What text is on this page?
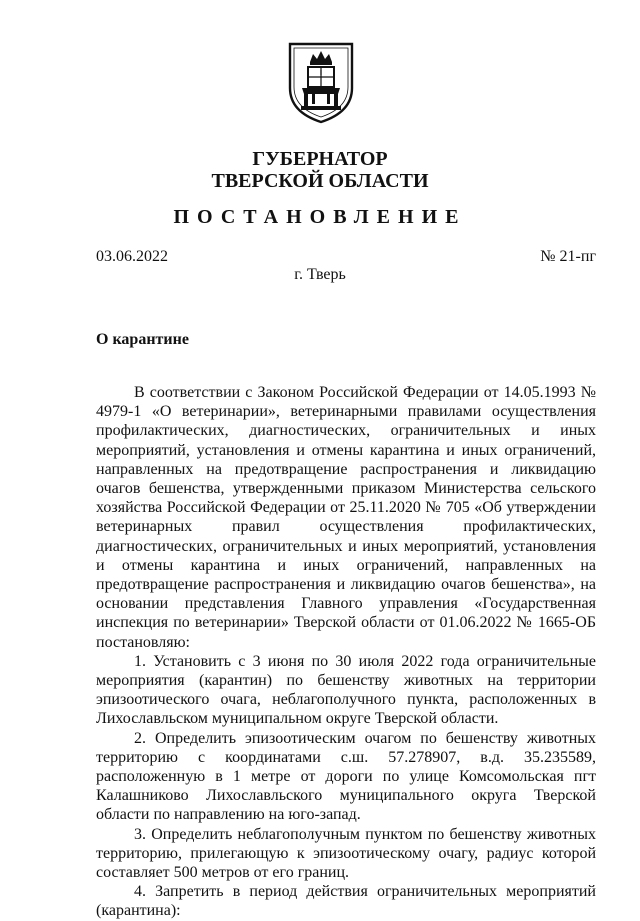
ГУБЕРНАТОР
ТВЕРСКОЙ ОБЛАСТИ
ПОСТАНОВЛЕНИЕ
03.06.2022	№ 21-пг
г. Тверь
О карантине

В соответствии с Законом Российской Федерации от 14.05.1993 № 4979-1 «О ветеринарии», ветеринарными правилами осуществления профилактических, диагностических, ограничительных и иных мероприятий, установления и отмены карантина и иных ограничений, направленных на предотвращение распространения и ликвидацию очагов бешенства, утвержденными приказом Министерства сельского хозяйства Российской Федерации от 25.11.2020 № 705 «Об утверждении ветеринарных правил осуществления профилактических, диагностических, ограничительных и иных мероприятий, установления и отмены карантина и иных ограничений, направленных на предотвращение распространения и ликвидацию очагов бешенства», на основании представления Главного управления «Государственная инспекция по ветеринарии» Тверской области от 01.06.2022 № 1665-ОБ постановляю:

1. Установить с 3 июня по 30 июля 2022 года ограничительные мероприятия (карантин) по бешенству животных на территории эпизоотического очага, неблагополучного пункта, расположенных в Лихославльском муниципальном округе Тверской области.

2. Определить эпизоотическим очагом по бешенству животных территорию с координатами с.ш. 57.278907, в.д. 35.235589, расположенную в 1 метре от дороги по улице Комсомольская пгт Калашниково Лихославльского муниципального округа Тверской области по направлению на юго-запад.

3. Определить неблагополучным пунктом по бешенству животных территорию, прилегающую к эпизоотическому очагу, радиус которой составляет 500 метров от его границ.

4. Запретить в период действия ограничительных мероприятий (карантина):
